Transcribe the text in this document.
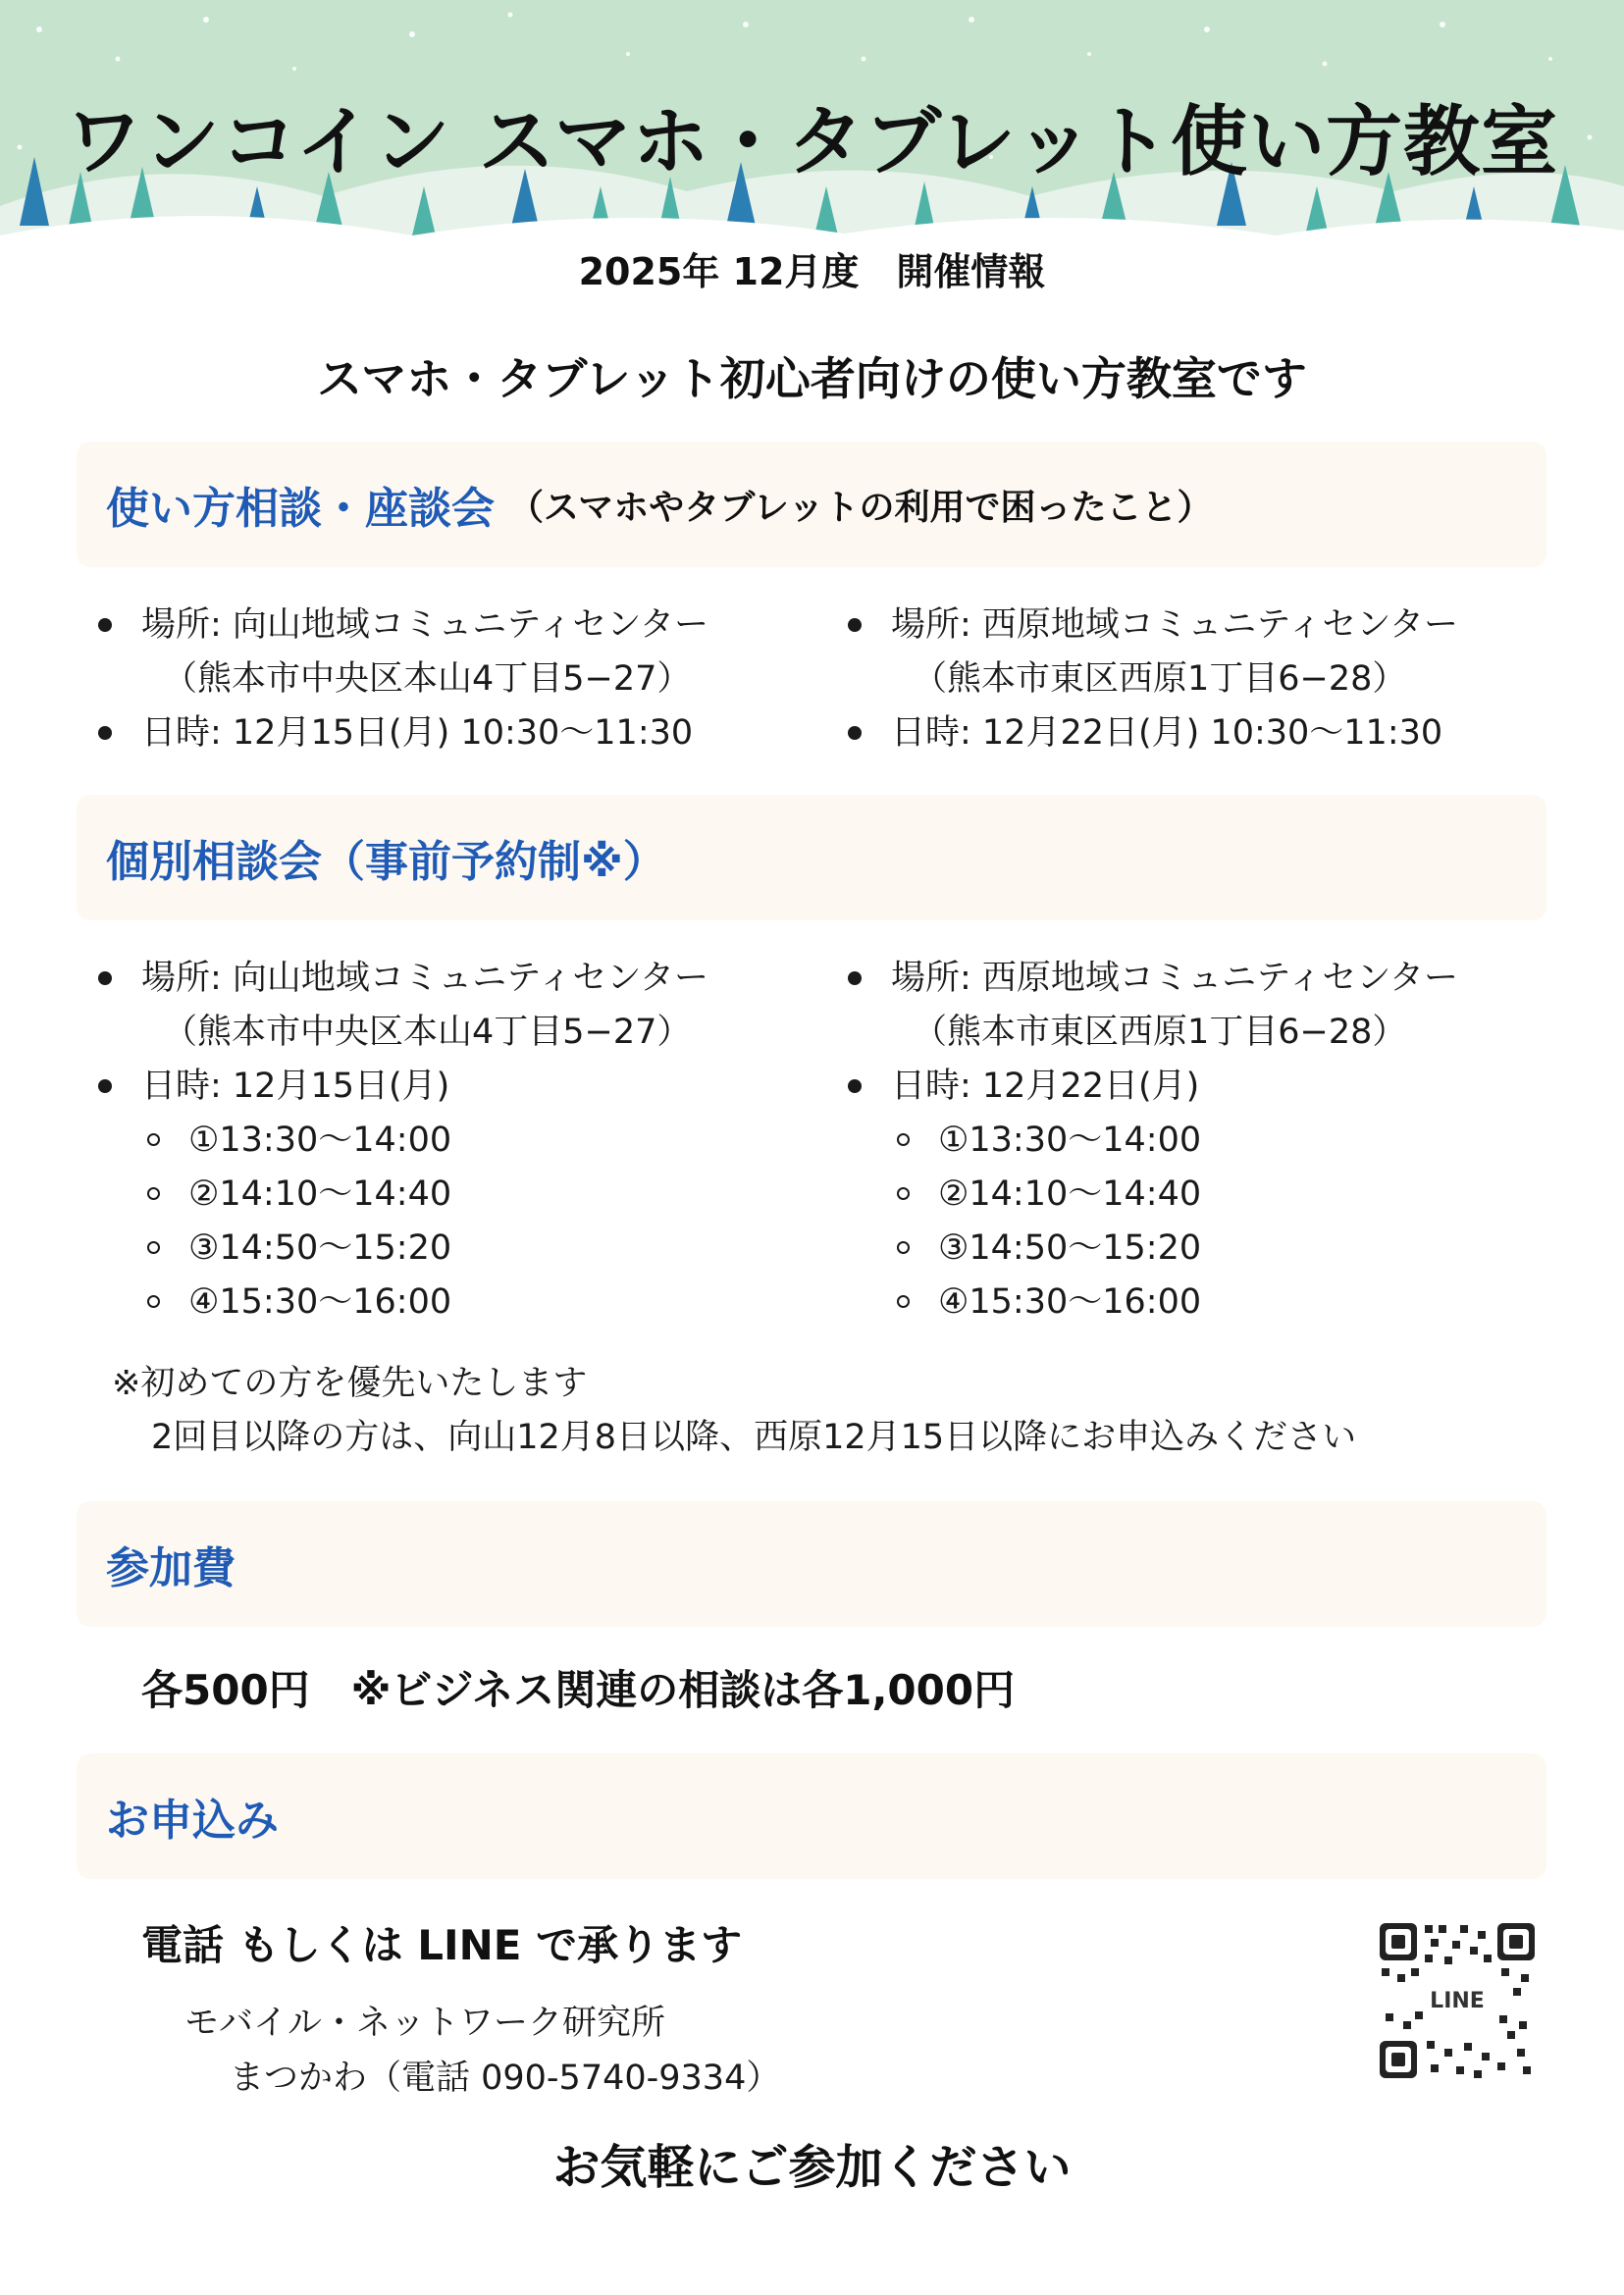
ワンコイン スマホ・タブレット使い方教室
2025年 12月度　開催情報
スマホ・タブレット初心者向けの使い方教室です
使い方相談・座談会 （スマホやタブレットの利用で困ったこと）
場所: 向山地域コミュニティセンター
（熊本市中央区本山4丁目5−27）
日時: 12月15日(月) 10:30〜11:30
場所: 西原地域コミュニティセンター
（熊本市東区西原1丁目6−28）
日時: 12月22日(月) 10:30〜11:30
個別相談会（事前予約制※）
場所: 向山地域コミュニティセンター
（熊本市中央区本山4丁目5−27）
日時: 12月15日(月)
①13:30〜14:00
②14:10〜14:40
③14:50〜15:20
④15:30〜16:00
場所: 西原地域コミュニティセンター
（熊本市東区西原1丁目6−28）
日時: 12月22日(月)
①13:30〜14:00
②14:10〜14:40
③14:50〜15:20
④15:30〜16:00
※初めての方を優先いたします
2回目以降の方は、向山12月8日以降、西原12月15日以降にお申込みください
参加費
各500円　※ビジネス関連の相談は各1,000円
お申込み
電話 もしくは LINE で承ります
モバイル・ネットワーク研究所
まつかわ（電話 090-5740-9334）
LINE
お気軽にご参加ください
